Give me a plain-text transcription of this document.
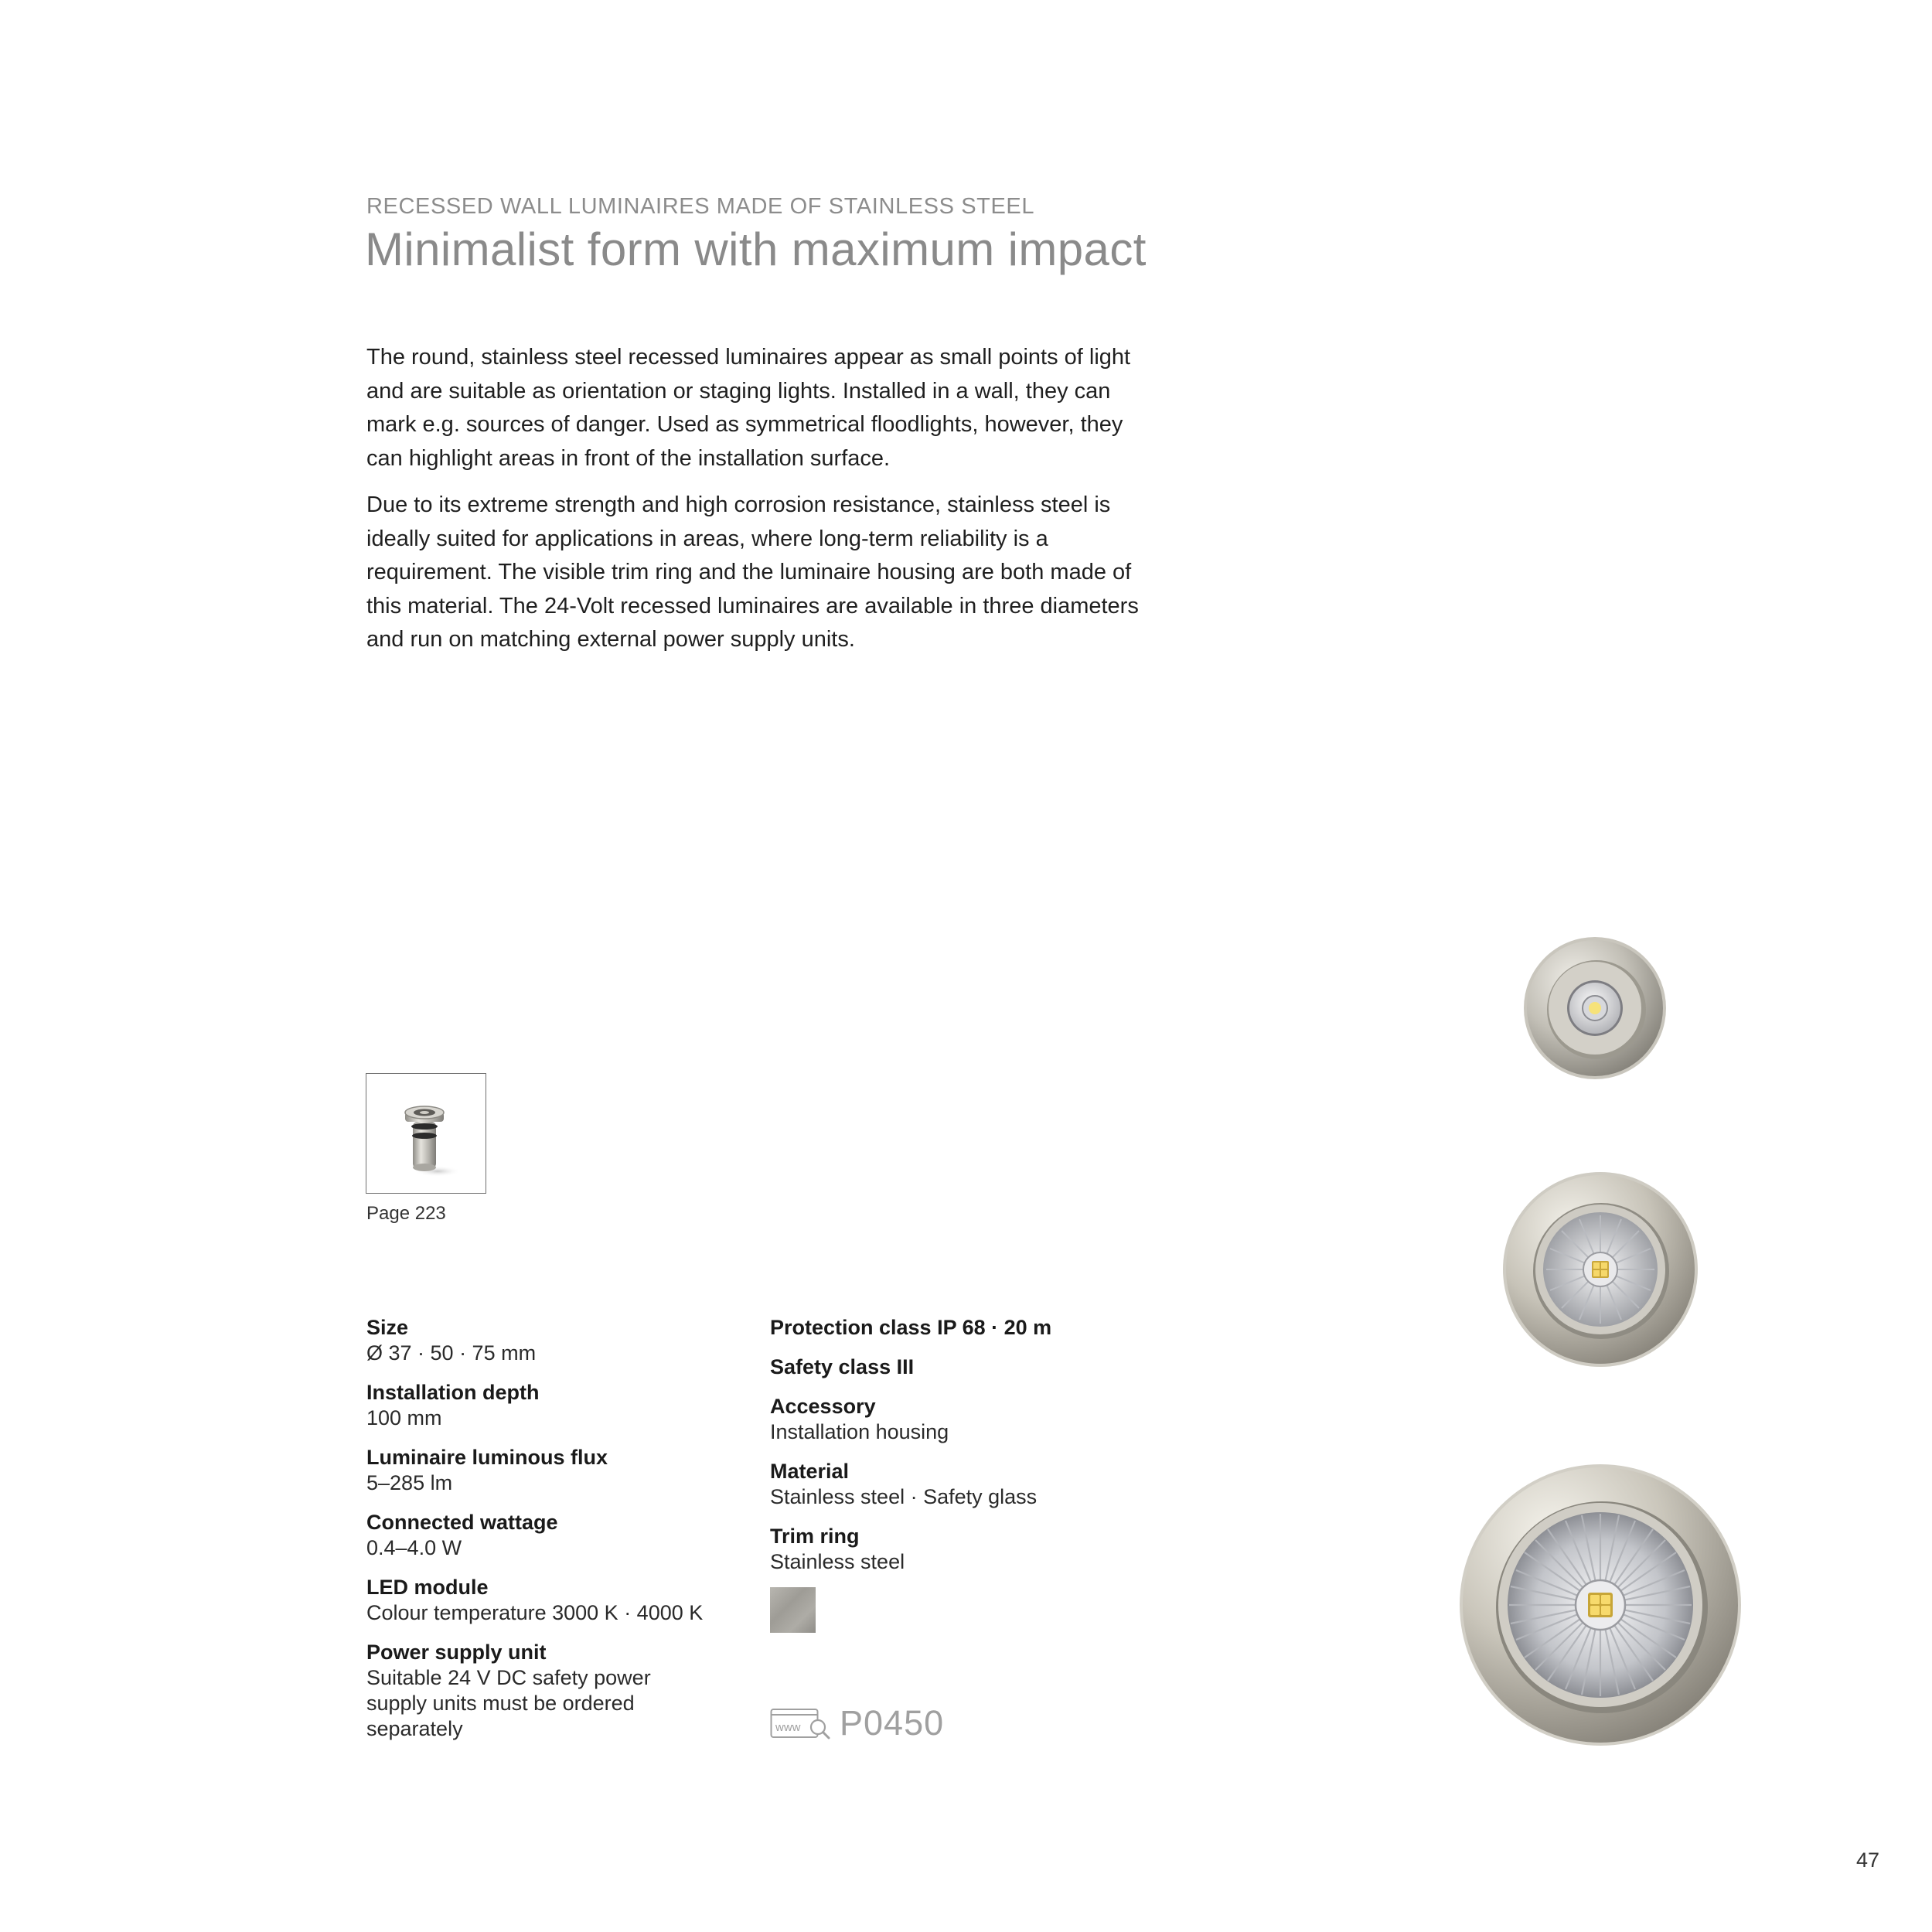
RECESSED WALL LUMINAIRES MADE OF STAINLESS STEEL
Minimalist form with maximum impact
The round, stainless steel recessed luminaires appear as small points of light and are suitable as orientation or staging lights. Installed in a wall, they can mark e.g. sources of danger. Used as symmetrical floodlights, however, they can highlight areas in front of the installation surface.
Due to its extreme strength and high corrosion resistance, stainless steel is ideally suited for applications in areas, where long-term reliability is a requirement. The visible trim ring and the luminaire housing are both made of this material. The 24-Volt recessed luminaires are available in three diameters and run on matching external power supply units.
Page 223
Size
Ø 37 · 50 · 75 mm
Installation depth
100 mm
Luminaire luminous flux
5–285 lm
Connected wattage
0.4–4.0 W
LED module
Colour temperature 3000 K · 4000 K
Power supply unit
Suitable 24 V DC safety power supply units must be ordered separately
Protection class IP 68 · 20 m
Safety class III
Accessory
Installation housing
Material
Stainless steel · Safety glass
Trim ring
Stainless steel
www P0450
47
